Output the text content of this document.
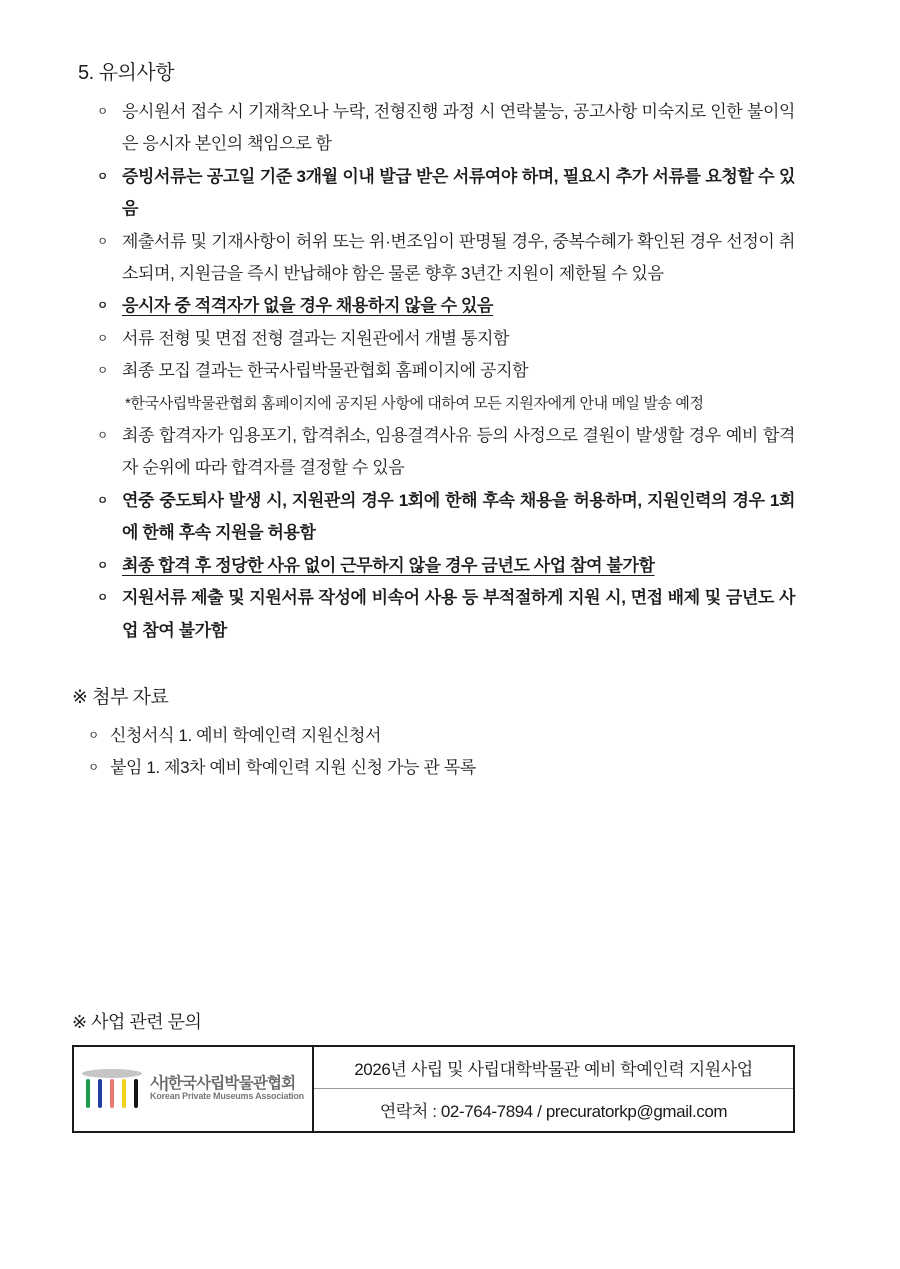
5. 유의사항
ㅇ 응시원서 접수 시 기재착오나 누락, 전형진행 과정 시 연락불능, 공고사항 미숙지로 인한 불이익은 응시자 본인의 책임으로 함
ㅇ 증빙서류는 공고일 기준 3개월 이내 발급 받은 서류여야 하며, 필요시 추가 서류를 요청할 수 있음
ㅇ 제출서류 및 기재사항이 허위 또는 위·변조임이 판명될 경우, 중복수혜가 확인된 경우 선정이 취소되며, 지원금을 즉시 반납해야 함은 물론 향후 3년간 지원이 제한될 수 있음
ㅇ 응시자 중 적격자가 없을 경우 채용하지 않을 수 있음
ㅇ 서류 전형 및 면접 전형 결과는 지원관에서 개별 통지함
ㅇ 최종 모집 결과는 한국사립박물관협회 홈페이지에 공지함
*한국사립박물관협회 홈페이지에 공지된 사항에 대하여 모든 지원자에게 안내 메일 발송 예정
ㅇ 최종 합격자가 임용포기, 합격취소, 임용결격사유 등의 사정으로 결원이 발생할 경우 예비 합격자 순위에 따라 합격자를 결정할 수 있음
ㅇ 연중 중도퇴사 발생 시, 지원관의 경우 1회에 한해 후속 채용을 허용하며, 지원인력의 경우 1회에 한해 후속 지원을 허용함
ㅇ 최종 합격 후 정당한 사유 없이 근무하지 않을 경우 금년도 사업 참여 불가함
ㅇ 지원서류 제출 및 지원서류 작성에 비속어 사용 등 부적절하게 지원 시, 면접 배제 및 금년도 사업 참여 불가함
※ 첨부 자료
ㅇ 신청서식 1. 예비 학예인력 지원신청서
ㅇ 붙임 1. 제3차 예비 학예인력 지원 신청 가능 관 목록
※ 사업 관련 문의
사|한국사립박물관협회
Korean Private Museums Association
2026년 사립 및 사립대학박물관 예비 학예인력 지원사업
연락처 : 02-764-7894 / precuratorkp@gmail.com
